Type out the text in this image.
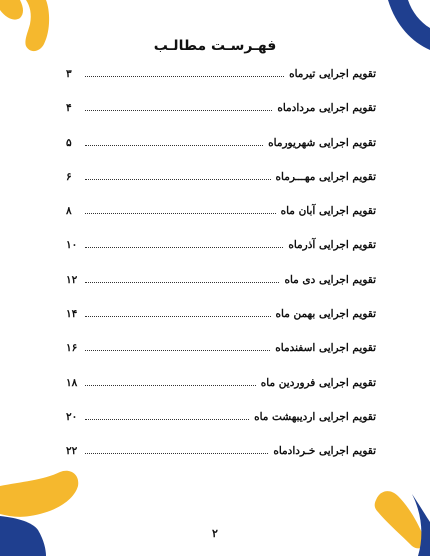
فهـرسـت مطالـب
تقویم اجرایی تیرماه
۳
تقویم اجرایی مردادماه
۴
تقویم اجرایی شهریورماه
۵
تقویم اجرایی مهـــرماه
۶
تقویم اجرایی آبان ماه
۸
تقویم اجرایی آذرماه
۱۰
تقویم اجرایی دی ماه
۱۲
تقویم اجرایی بهمن ماه
۱۴
تقویم اجرایی اسفندماه
۱۶
تقویم اجرایی فروردین ماه
۱۸
تقویم اجرایی اردیبهشت ماه
۲۰
تقویم اجرایی خـردادماه
۲۲
۲
